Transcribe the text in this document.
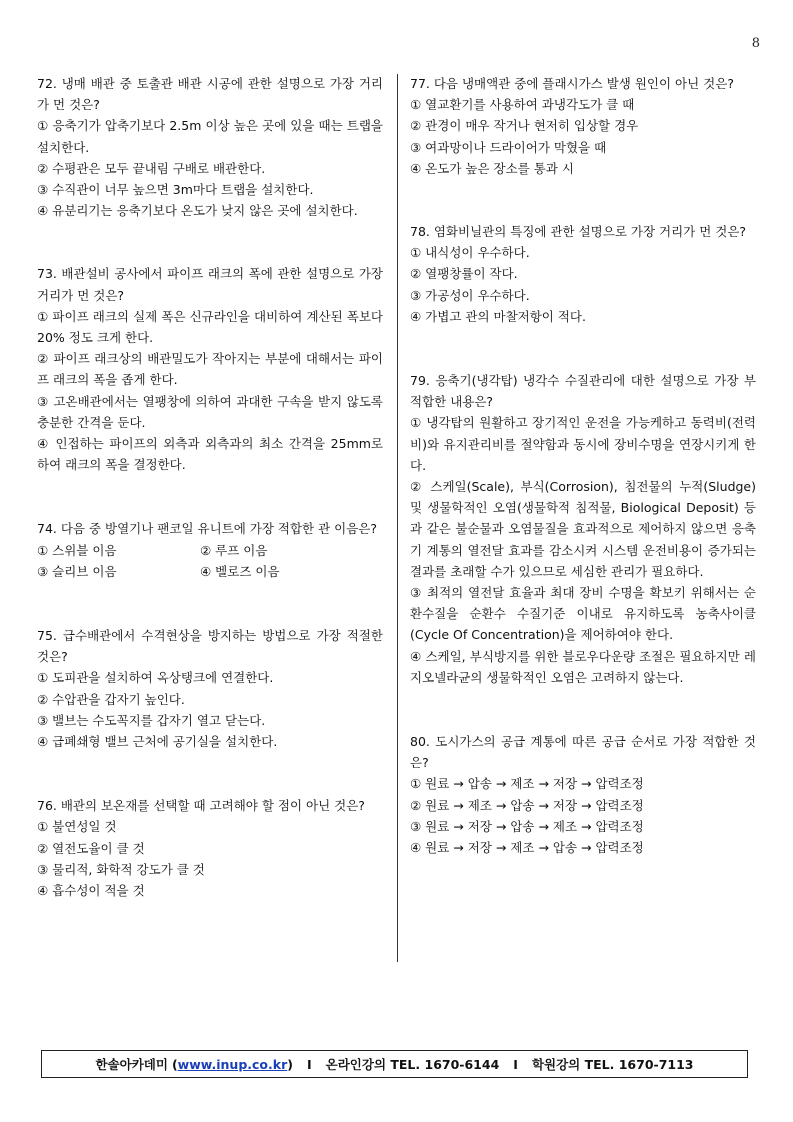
8

72. 냉매 배관 중 토출관 배관 시공에 관한 설명으로 가장 거리가 먼 것은?

① 응축기가 압축기보다 2.5m 이상 높은 곳에 있을 때는 트랩을 설치한다.

② 수평관은 모두 끝내림 구배로 배관한다.

③ 수직관이 너무 높으면 3m마다 트랩을 설치한다.

④ 유분리기는 응축기보다 온도가 낮지 않은 곳에 설치한다.

73. 배관설비 공사에서 파이프 래크의 폭에 관한 설명으로 가장 거리가 먼 것은?

① 파이프 래크의 실제 폭은 신규라인을 대비하여 계산된 폭보다 20% 정도 크게 한다.

② 파이프 래크상의 배관밀도가 작아지는 부분에 대해서는 파이프 래크의 폭을 좁게 한다.

③ 고온배관에서는 열팽창에 의하여 과대한 구속을 받지 않도록 충분한 간격을 둔다.

④ 인접하는 파이프의 외측과 외측과의 최소 간격을 25mm로 하여 래크의 폭을 결정한다.

74. 다음 중 방열기나 팬코일 유니트에 가장 적합한 관 이음은?

① 스위블 이음	② 루프 이음
③ 슬리브 이음	④ 벨로즈 이음

75. 급수배관에서 수격현상을 방지하는 방법으로 가장 적절한 것은?

① 도피관을 설치하여 옥상탱크에 연결한다.

② 수압관을 갑자기 높인다.

③ 밸브는 수도꼭지를 갑자기 열고 닫는다.

④ 급폐쇄형 밸브 근처에 공기실을 설치한다.

76. 배관의 보온재를 선택할 때 고려해야 할 점이 아닌 것은?

① 불연성일 것

② 열전도율이 클 것

③ 물리적, 화학적 강도가 클 것

④ 흡수성이 적을 것

77. 다음 냉매액관 중에 플래시가스 발생 원인이 아닌 것은?

① 열교환기를 사용하여 과냉각도가 클 때

② 관경이 매우 작거나 현저히 입상할 경우

③ 여과망이나 드라이어가 막혔을 때

④ 온도가 높은 장소를 통과 시

78. 염화비닐관의 특징에 관한 설명으로 가장 거리가 먼 것은?

① 내식성이 우수하다.

② 열팽창률이 작다.

③ 가공성이 우수하다.

④ 가볍고 관의 마찰저항이 적다.

79. 응축기(냉각탑) 냉각수 수질관리에 대한 설명으로 가장 부적합한 내용은?

① 냉각탑의 원활하고 장기적인 운전을 가능케하고 동력비(전력비)와 유지관리비를 절약함과 동시에 장비수명을 연장시키게 한다.

② 스케일(Scale), 부식(Corrosion), 침전물의 누적(Sludge) 및 생물학적인 오염(생물학적 침적물, Biological Deposit) 등과 같은 불순물과 오염물질을 효과적으로 제어하지 않으면 응축기 계통의 열전달 효과를 감소시켜 시스템 운전비용이 증가되는 결과를 초래할 수가 있으므로 세심한 관리가 필요하다.

③ 최적의 열전달 효율과 최대 장비 수명을 확보키 위해서는 순환수질을 순환수 수질기준 이내로 유지하도록 농축사이클(Cycle Of Concentration)을 제어하여야 한다.

④ 스케일, 부식방지를 위한 블로우다운량 조절은 필요하지만 레지오넬라균의 생물학적인 오염은 고려하지 않는다.

80. 도시가스의 공급 계통에 따른 공급 순서로 가장 적합한 것은?

① 원료 → 압송 → 제조 → 저장 → 압력조정

② 원료 → 제조 → 압송 → 저장 → 압력조정

③ 원료 → 저장 → 압송 → 제조 → 압력조정

④ 원료 → 저장 → 제조 → 압송 → 압력조정

한솔아카데미 ( www.inup.co.kr ) I 온라인강의 TEL. 1670-6144 I 학원강의 TEL. 1670-7113
